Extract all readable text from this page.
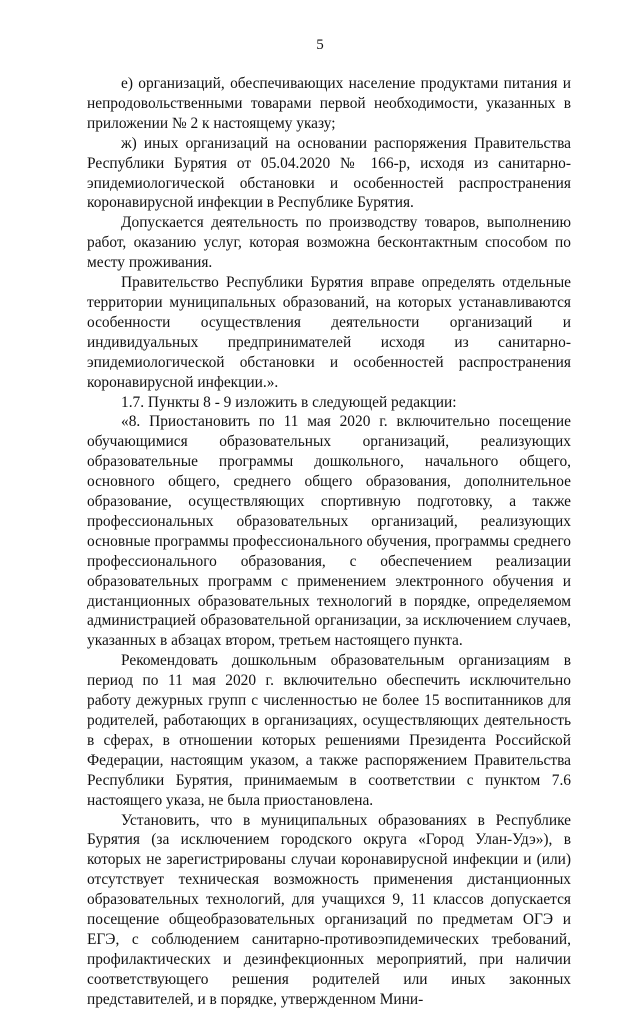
5

е) организаций, обеспечивающих население продуктами питания и непродовольственными товарами первой необходимости, указанных в приложении № 2 к настоящему указу;

ж) иных организаций на основании распоряжения Правительства Республики Бурятия от 05.04.2020 № 166-р, исходя из санитарно-эпидемиологической обстановки и особенностей распространения коронавирусной инфекции в Республике Бурятия.

Допускается деятельность по производству товаров, выполнению работ, оказанию услуг, которая возможна бесконтактным способом по месту проживания.

Правительство Республики Бурятия вправе определять отдельные территории муниципальных образований, на которых устанавливаются особенности осуществления деятельности организаций и индивидуальных предпринимателей исходя из санитарно-эпидемиологической обстановки и особенностей распространения коронавирусной инфекции.».

1.7. Пункты 8 - 9 изложить в следующей редакции:

«8. Приостановить по 11 мая 2020 г. включительно посещение обучающимися образовательных организаций, реализующих образовательные программы дошкольного, начального общего, основного общего, среднего общего образования, дополнительное образование, осуществляющих спортивную подготовку, а также профессиональных образовательных организаций, реализующих основные программы профессионального обучения, программы среднего профессионального образования, с обеспечением реализации образовательных программ с применением электронного обучения и дистанционных образовательных технологий в порядке, определяемом администрацией образовательной организации, за исключением случаев, указанных в абзацах втором, третьем настоящего пункта.

Рекомендовать дошкольным образовательным организациям в период по 11 мая 2020 г. включительно обеспечить исключительно работу дежурных групп с численностью не более 15 воспитанников для родителей, работающих в организациях, осуществляющих деятельность в сферах, в отношении которых решениями Президента Российской Федерации, настоящим указом, а также распоряжением Правительства Республики Бурятия, принимаемым в соответствии с пунктом 7.6 настоящего указа, не была приостановлена.

Установить, что в муниципальных образованиях в Республике Бурятия (за исключением городского округа «Город Улан-Удэ»), в которых не зарегистрированы случаи коронавирусной инфекции и (или) отсутствует техническая возможность применения дистанционных образовательных технологий, для учащихся 9, 11 классов допускается посещение общеобразовательных организаций по предметам ОГЭ и ЕГЭ, с соблюдением санитарно-противоэпидемических требований, профилактических и дезинфекционных мероприятий, при наличии соответствующего решения родителей или иных законных представителей, и в порядке, утвержденном Мини-
